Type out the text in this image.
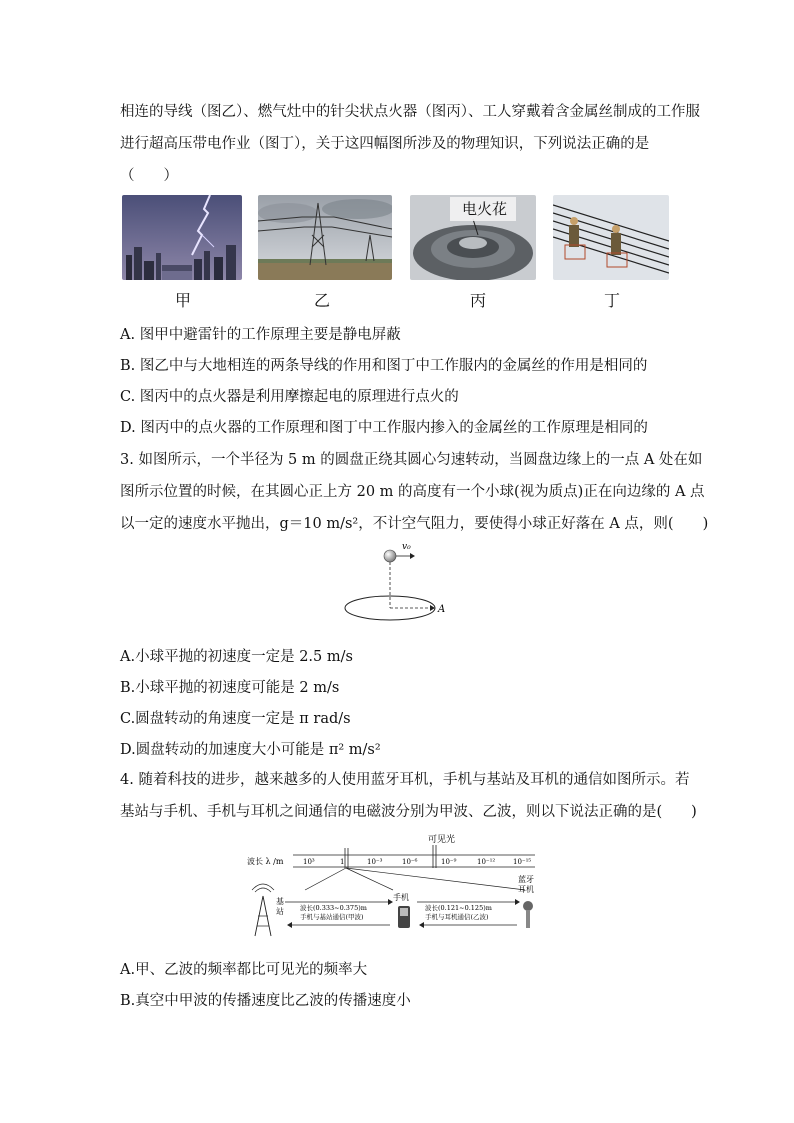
相连的导线（图乙）、燃气灶中的针尖状点火器（图丙）、工人穿戴着含金属丝制成的工作服
进行超高压带电作业（图丁），关于这四幅图所涉及的物理知识，下列说法正确的是
（　　）
甲	乙
电火花
丙	丁
A. 图甲中避雷针的工作原理主要是静电屏蔽
B. 图乙中与大地相连的两条导线的作用和图丁中工作服内的金属丝的作用是相同的
C. 图丙中的点火器是利用摩擦起电的原理进行点火的
D. 图丙中的点火器的工作原理和图丁中工作服内掺入的金属丝的工作原理是相同的
3. 如图所示，一个半径为 5 m 的圆盘正绕其圆心匀速转动，当圆盘边缘上的一点 A 处在如
图所示位置的时候，在其圆心正上方 20 m 的高度有一个小球(视为质点)正在向边缘的 A 点
以一定的速度水平抛出，g＝10 m/s²，不计空气阻力，要使得小球正好落在 A 点，则(　　)
v₀
A
A.小球平抛的初速度一定是 2.5 m/s
B.小球平抛的初速度可能是 2 m/s
C.圆盘转动的角速度一定是 π rad/s
D.圆盘转动的加速度大小可能是 π² m/s²
4. 随着科技的进步，越来越多的人使用蓝牙耳机，手机与基站及耳机的通信如图所示。若
基站与手机、手机与耳机之间通信的电磁波分别为甲波、乙波，则以下说法正确的是(　　)
可见光
波长 λ /m	10³	1	10⁻³	10⁻⁶	10⁻⁹	10⁻¹²	10⁻¹⁵
基
站 波长(0.333~0.375)m
手机与基站通信(甲波)
手机
波长(0.121~0.125)m
手机与耳机通信(乙波)
蓝牙
耳机
A.甲、乙波的频率都比可见光的频率大
B.真空中甲波的传播速度比乙波的传播速度小
